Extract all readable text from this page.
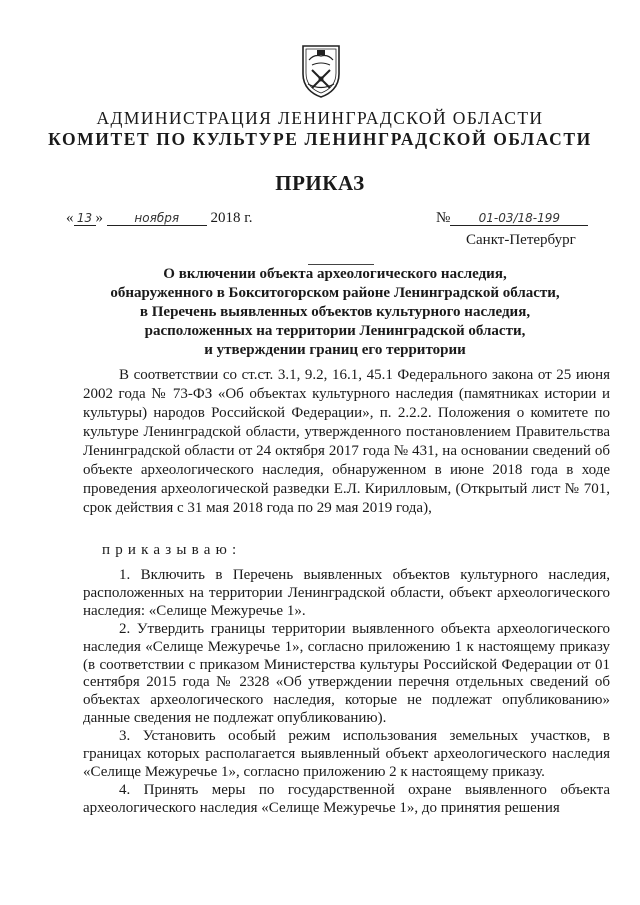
АДМИНИСТРАЦИЯ ЛЕНИНГРАДСКОЙ ОБЛАСТИ
КОМИТЕТ ПО КУЛЬТУРЕ ЛЕНИНГРАДСКОЙ ОБЛАСТИ
ПРИКАЗ
« 13 »	ноября 2018 г.	№ 01-03/18-199
Санкт-Петербург
О включении объекта археологического наследия,
обнаруженного в Бокситогорском районе Ленинградской области,
в Перечень выявленных объектов культурного наследия,
расположенных на территории Ленинградской области,
и утверждении границ его территории
В соответствии со ст.ст. 3.1, 9.2, 16.1, 45.1 Федерального закона от 25 июня 2002 года № 73-ФЗ «Об объектах культурного наследия (памятниках истории и культуры) народов Российской Федерации», п. 2.2.2. Положения о комитете по культуре Ленинградской области, утвержденного постановлением Правительства Ленинградской области от 24 октября 2017 года № 431, на основании сведений об объекте археологического наследия, обнаруженном в июне 2018 года в ходе проведения археологической разведки Е.Л. Кирилловым, (Открытый лист № 701, срок действия с 31 мая 2018 года по 29 мая 2019 года),
приказываю:

1. Включить в Перечень выявленных объектов культурного наследия, расположенных на территории Ленинградской области, объект археологического наследия: «Селище Межуречье 1».

2. Утвердить границы территории выявленного объекта археологического наследия «Селище Межуречье 1», согласно приложению 1 к настоящему приказу (в соответствии с приказом Министерства культуры Российской Федерации от 01 сентября 2015 года № 2328 «Об утверждении перечня отдельных сведений об объектах археологического наследия, которые не подлежат опубликованию» данные сведения не подлежат опубликованию).

3. Установить особый режим использования земельных участков, в границах которых располагается выявленный объект археологического наследия «Селище Межуречье 1», согласно приложению 2 к настоящему приказу.

4. Принять меры по государственной охране выявленного объекта археологического наследия «Селище Межуречье 1», до принятия решения
